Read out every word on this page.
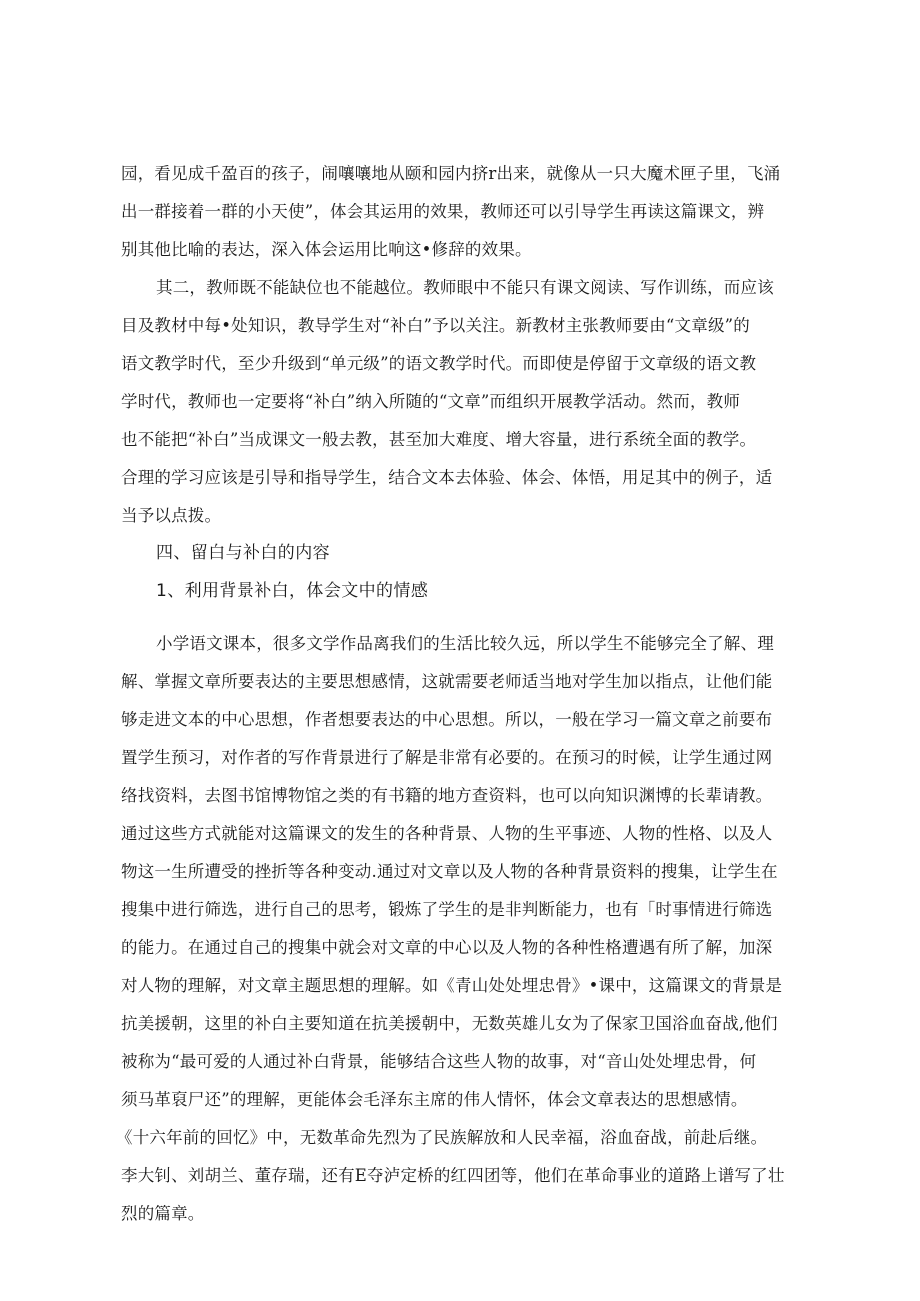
园，看见成千盈百的孩子，闹嚷嚷地从颐和园内挤r出来，就像从一只大魔术匣子里，飞涌
出一群接着一群的小天使”，体会其运用的效果，教师还可以引导学生再读这篇课文，辨
别其他比喻的表达，深入体会运用比响这•修辞的效果。
其二，教师既不能缺位也不能越位。教师眼中不能只有课文阅读、写作训练，而应该
目及教材中每•处知识，教导学生对“补白”予以关注。新教材主张教师要由“文章级”的
语文教学时代，至少升级到“单元级”的语文教学时代。而即使是停留于文章级的语文教
学时代，教师也一定要将“补白”纳入所随的“文章”而组织开展教学活动。然而，教师
也不能把“补白”当成课文一般去教，甚至加大难度、增大容量，进行系统全面的教学。
合理的学习应该是引导和指导学生，结合文本去体验、体会、体悟，用足其中的例子，适
当予以点拨。
四、留白与补白的内容
1、利用背景补白，体会文中的情感
小学语文课本，很多文学作品离我们的生活比较久远，所以学生不能够完全了解、理
解、掌握文章所要表达的主要思想感情，这就需要老师适当地对学生加以指点，让他们能
够走进文本的中心思想，作者想要表达的中心思想。所以，一般在学习一篇文章之前要布
置学生预习，对作者的写作背景进行了解是非常有必要的。在预习的时候，让学生通过网
络找资料，去图书馆博物馆之类的有书籍的地方查资料，也可以向知识渊博的长辈请教。
通过这些方式就能对这篇课文的发生的各种背景、人物的生平事迹、人物的性格、以及人
物这一生所遭受的挫折等各种变动.通过对文章以及人物的各种背景资料的搜集，让学生在
搜集中进行筛选，进行自己的思考，锻炼了学生的是非判断能力，也有「时事情进行筛选
的能力。在通过自己的搜集中就会对文章的中心以及人物的各种性格遭遇有所了解，加深
对人物的理解，对文章主题思想的理解。如《青山处处埋忠骨》•课中，这篇课文的背景是
抗美援朝，这里的补白主要知道在抗美援朝中，无数英雄儿女为了保家卫国浴血奋战,他们
被称为“最可爱的人通过补白背景，能够结合这些人物的故事，对“音山处处埋忠骨，何
须马革裒尸还”的理解，更能体会毛泽东主席的伟人情怀，体会文章表达的思想感情。
《十六年前的回忆》中，无数革命先烈为了民族解放和人民幸福，浴血奋战，前赴后继。
李大钊、刘胡兰、董存瑞，还有E夺泸定桥的红四团等，他们在革命事业的道路上谱写了壮
烈的篇章。
